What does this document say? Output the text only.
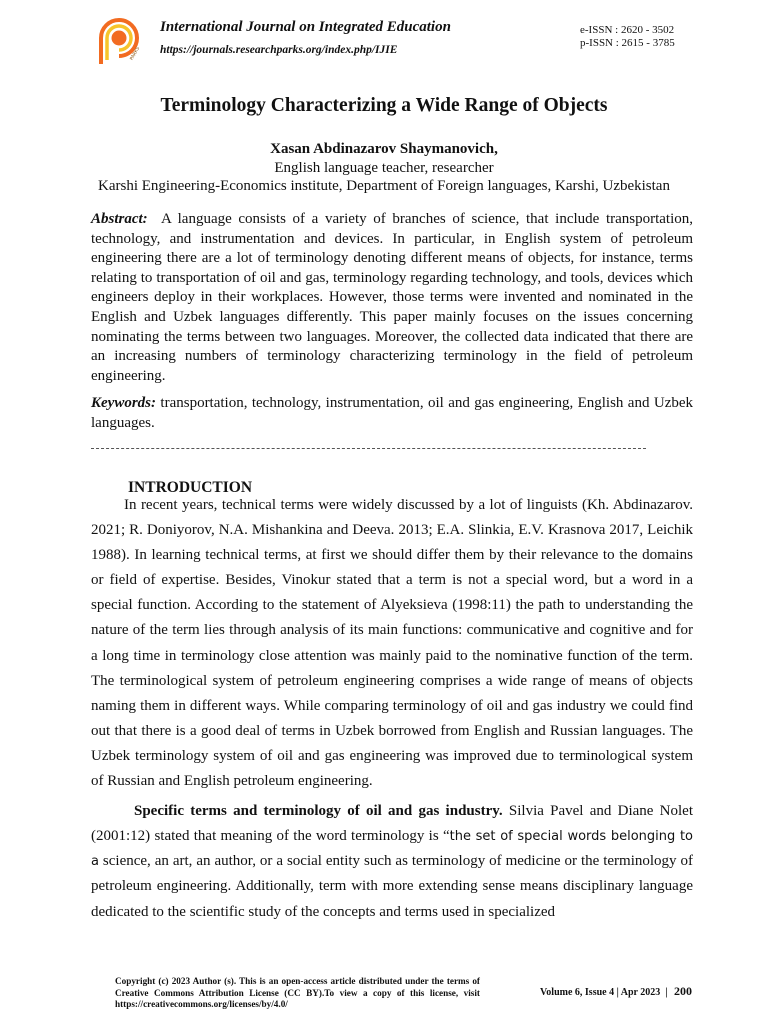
PARKS
International Journal on Integrated Education
https://journals.researchparks.org/index.php/IJIE
e-ISSN : 2620 - 3502
p-ISSN : 2615 - 3785
Terminology Characterizing a Wide Range of Objects
Xasan Abdinazarov Shaymanovich,
English language teacher, researcher
Karshi Engineering-Economics institute, Department of Foreign languages, Karshi, Uzbekistan
Abstract: A language consists of a variety of branches of science, that include transportation, technology, and instrumentation and devices. In particular, in English system of petroleum engineering there are a lot of terminology denoting different means of objects, for instance, terms relating to transportation of oil and gas, terminology regarding technology, and tools, devices which engineers deploy in their workplaces. However, those terms were invented and nominated in the English and Uzbek languages differently. This paper mainly focuses on the issues concerning nominating the terms between two languages. Moreover, the collected data indicated that there are an increasing numbers of terminology characterizing terminology in the field of petroleum engineering.
Keywords: transportation, technology, instrumentation, oil and gas engineering, English and Uzbek languages.
INTRODUCTION

In recent years, technical terms were widely discussed by a lot of linguists (Kh. Abdinazarov. 2021; R. Doniyorov, N.A. Mishankina and Deeva. 2013; E.A. Slinkia, E.V. Krasnova 2017, Leichik 1988). In learning technical terms, at first we should differ them by their relevance to the domains or field of expertise. Besides, Vinokur stated that a term is not a special word, but a word in a special function. According to the statement of Alyeksieva (1998:11) the path to understanding the nature of the term lies through analysis of its main functions: communicative and cognitive and for a long time in terminology close attention was mainly paid to the nominative function of the term. The terminological system of petroleum engineering comprises a wide range of means of objects naming them in different ways. While comparing terminology of oil and gas industry we could find out that there is a good deal of terms in Uzbek borrowed from English and Russian languages. The Uzbek terminology system of oil and gas engineering was improved due to terminological system of Russian and English petroleum engineering.

Specific terms and terminology of oil and gas industry. Silvia Pavel and Diane Nolet (2001:12) stated that meaning of the word terminology is “the set of special words belonging to a science, an art, an author, or a social entity such as terminology of medicine or the terminology of petroleum engineering. Additionally, term with more extending sense means disciplinary language dedicated to the scientific study of the concepts and terms used in specialized

Copyright (c) 2023 Author (s). This is an open-access article distributed under the terms of Creative Commons Attribution License (CC BY).To view a copy of this license, visit https://creativecommons.org/licenses/by/4.0/
Volume 6, Issue 4 | Apr 2023 | 200
